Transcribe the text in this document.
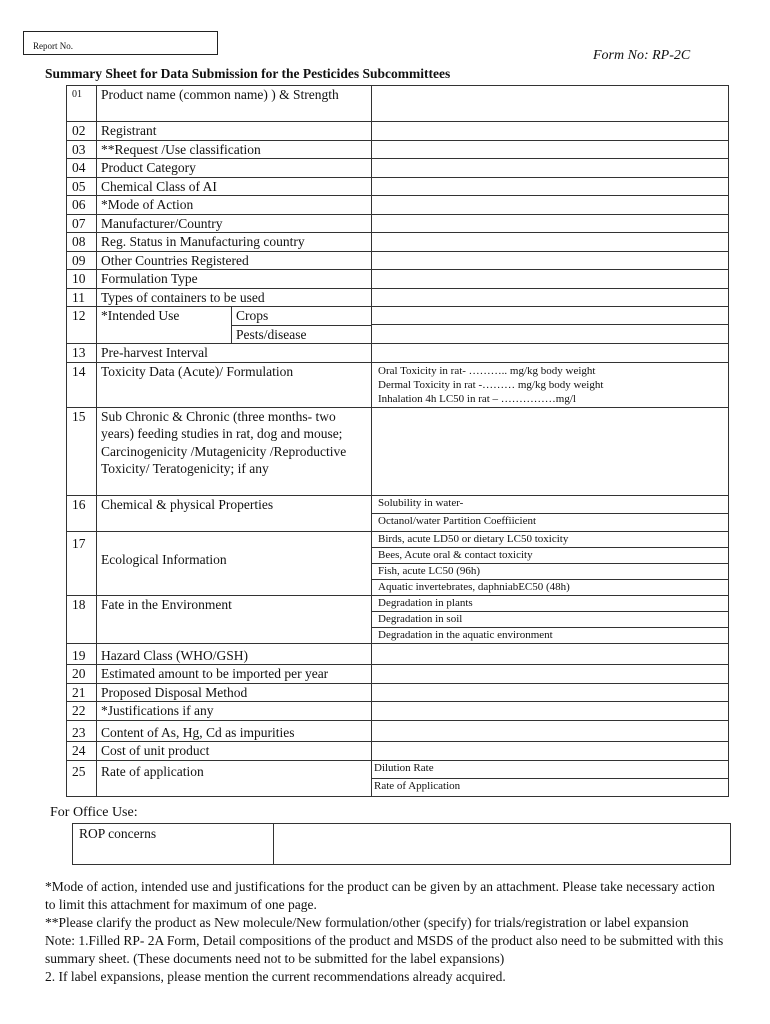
Report No.
Form No: RP-2C
Summary Sheet for Data Submission for the Pesticides Subcommittees
01	Product name (common name) ) & Strength	
02	Registrant	
03	**Request /Use classification	
04	Product Category	
05	Chemical Class of AI	
06	*Mode of Action	
07	Manufacturer/Country	
08	Reg. Status in Manufacturing country	
09	Other Countries Registered	
10	Formulation Type	
11	Types of containers to be used	
12	*Intended Use Crops
Pests/disease	

13	Pre-harvest Interval	
14	Toxicity Data (Acute)/ Formulation	Oral Toxicity in rat- ……….. mg/kg body weight
Dermal Toxicity in rat -……… mg/kg body weight
Inhalation 4h LC50 in rat – ……………mg/l

15	Sub Chronic & Chronic (three months- two years) feeding studies in rat, dog and mouse; Carcinogenicity /Mutagenicity /Reproductive Toxicity/ Teratogenicity; if any	
16	Chemical & physical Properties	Solubility in water-
Octanol/water Partition Coeffiicient

17	Ecological Information	Birds, acute LD50 or dietary LC50 toxicity
Bees, Acute oral & contact toxicity
Fish, acute LC50 (96h)
Aquatic invertebrates, daphniabEC50 (48h)

18	Fate in the Environment	Degradation in plants
Degradation in soil
Degradation in the aquatic environment

19	Hazard Class (WHO/GSH)	
20	Estimated amount to be imported per year	
21	Proposed Disposal Method	
22	*Justifications if any	
23	Content of As, Hg, Cd as impurities	
24	Cost of unit product	
25	Rate of application	Dilution Rate
Rate of Application
For Office Use:
ROP concerns	

*Mode of action, intended use and justifications for the product can be given by an attachment. Please take necessary action to limit this attachment for maximum of one page.

**Please clarify the product as New molecule/New formulation/other (specify) for trials/registration or label expansion

Note: 1.Filled RP- 2A Form, Detail compositions of the product and MSDS of the product also need to be submitted with this summary sheet. (These documents need not to be submitted for the label expansions)

2. If label expansions, please mention the current recommendations already acquired.
